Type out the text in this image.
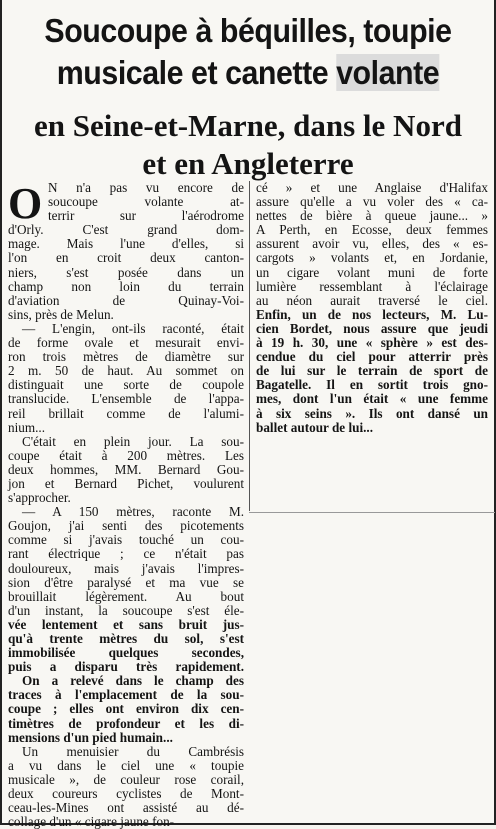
Soucoupe à béquilles, toupie
musicale et canette volante
en Seine-et-Marne, dans le Nord
et en Angleterre
O N n'a pas vu encore de
soucoupe volante at-
terrir sur l'aérodrome
d'Orly. C'est grand dom-
mage. Mais l'une d'elles, si
l'on en croit deux canton-
niers, s'est posée dans un
champ non loin du terrain
d'aviation de Quinay-Voi-
sins, près de Melun.
— L'engin, ont-ils raconté, était
de forme ovale et mesurait envi-
ron trois mètres de diamètre sur
2 m. 50 de haut. Au sommet on
distinguait une sorte de coupole
translucide. L'ensemble de l'appa-
reil brillait comme de l'alumi-
nium...
C'était en plein jour. La sou-
coupe était à 200 mètres. Les
deux hommes, MM. Bernard Gou-
jon et Bernard Pichet, voulurent
s'approcher.
— A 150 mètres, raconte M.
Goujon, j'ai senti des picotements
comme si j'avais touché un cou-
rant électrique ; ce n'était pas
douloureux, mais j'avais l'impres-
sion d'être paralysé et ma vue se
brouillait légèrement. Au bout
d'un instant, la soucoupe s'est éle-
vée lentement et sans bruit jus-
qu'à trente mètres du sol, s'est
immobilisée quelques secondes,
puis a disparu très rapidement.
On a relevé dans le champ des
traces à l'emplacement de la sou-
coupe ; elles ont environ dix cen-
timètres de profondeur et les di-
mensions d'un pied humain...
Un menuisier du Cambrésis
a vu dans le ciel une « toupie
musicale », de couleur rose corail,
deux coureurs cyclistes de Mont-
ceau-les-Mines ont assisté au dé-
collage d'un « cigare jaune fon-
cé » et une Anglaise d'Halifax
assure qu'elle a vu voler des « ca-
nettes de bière à queue jaune... »
A Perth, en Ecosse, deux femmes
assurent avoir vu, elles, des « es-
cargots » volants et, en Jordanie,
un cigare volant muni de forte
lumière ressemblant à l'éclairage
au néon aurait traversé le ciel.
Enfin, un de nos lecteurs, M. Lu-
cien Bordet, nous assure que jeudi
à 19 h. 30, une « sphère » est des-
cendue du ciel pour atterrir près
de lui sur le terrain de sport de
Bagatelle. Il en sortit trois gno-
mes, dont l'un était « une femme
à six seins ». Ils ont dansé un
ballet autour de lui...
